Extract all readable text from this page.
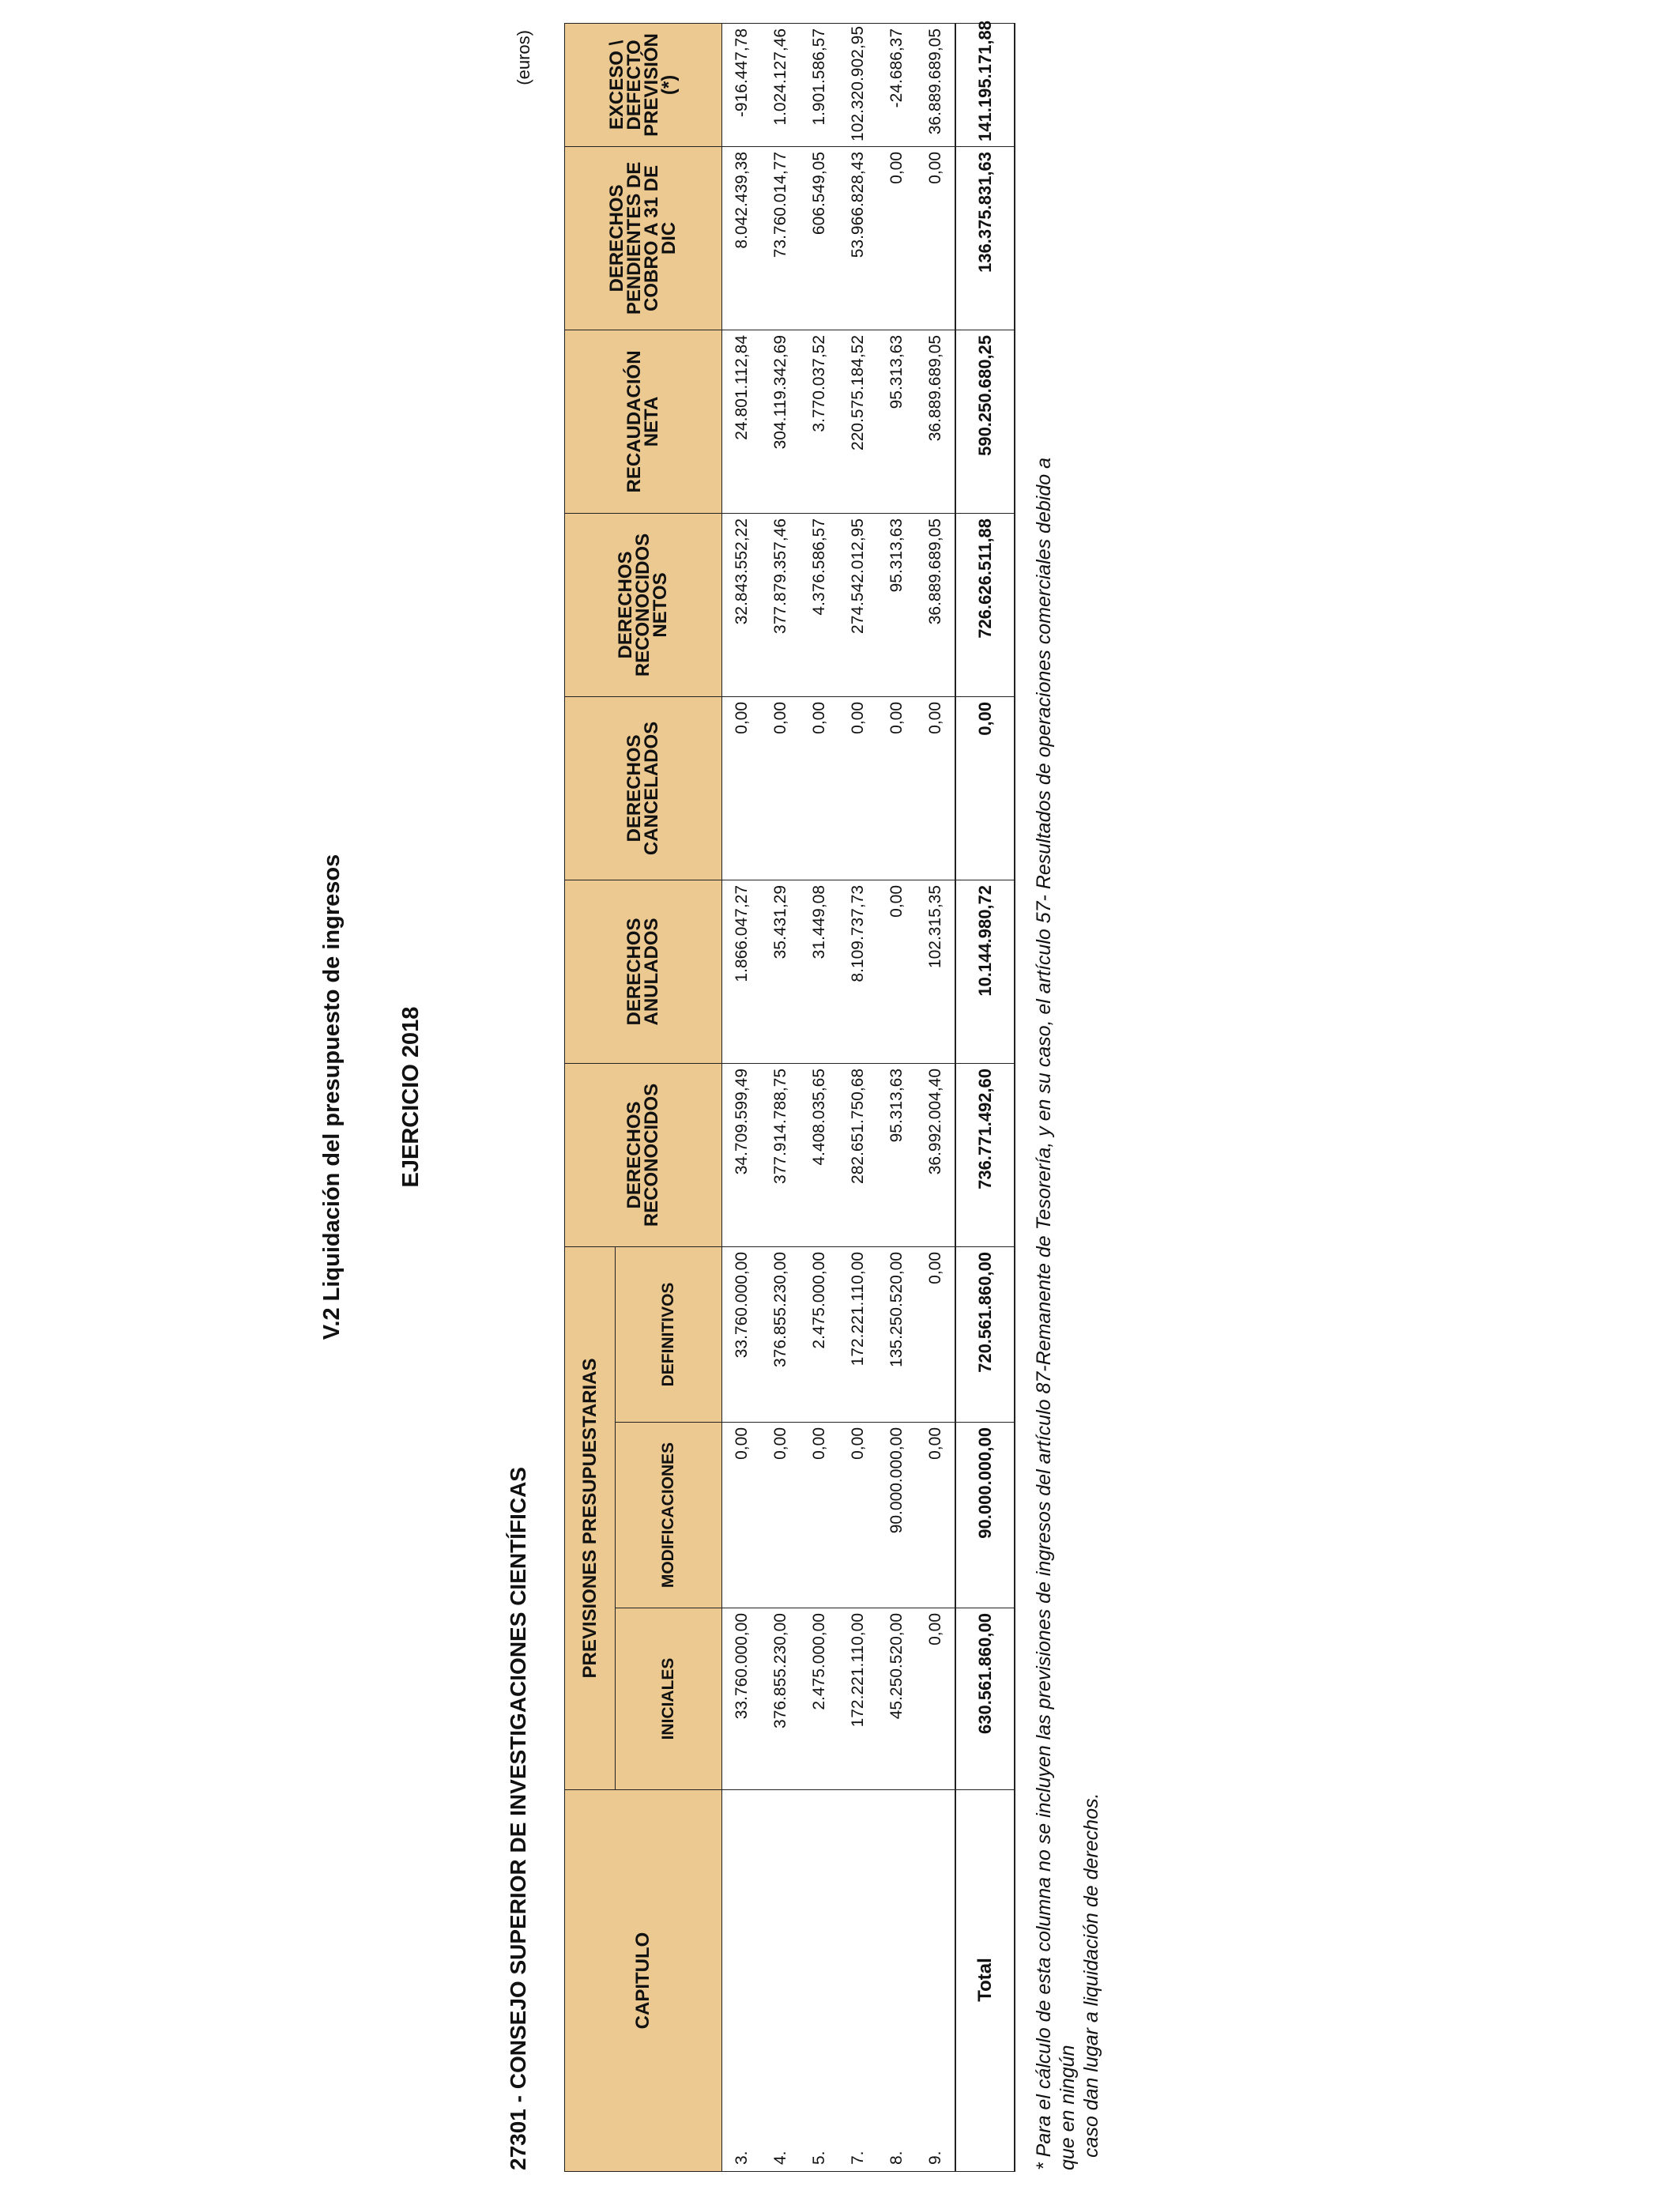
V.2 Liquidación del presupuesto de ingresos EJERCICIO 2018
27301 - CONSEJO SUPERIOR DE INVESTIGACIONES CIENTÍFICAS
(euros)
CAPITULO	PREVISIONES PRESUPUESTARIAS			DERECHOS RECONOCIDOS	DERECHOS ANULADOS	DERECHOS CANCELADOS	DERECHOS RECONOCIDOS NETOS	RECAUDACIÓN NETA	DERECHOS PENDIENTES DE COBRO A 31 DE DIC	EXCESO \ DEFECTO PREVISIÓN (*)
	INICIALES	MODIFICACIONES	DEFINITIVOS							
3.	33.760.000,00	0,00	33.760.000,00	34.709.599,49	1.866.047,27	0,00	32.843.552,22	24.801.112,84	8.042.439,38	-916.447,78
4.	376.855.230,00	0,00	376.855.230,00	377.914.788,75	35.431,29	0,00	377.879.357,46	304.119.342,69	73.760.014,77	1.024.127,46
5.	2.475.000,00	0,00	2.475.000,00	4.408.035,65	31.449,08	0,00	4.376.586,57	3.770.037,52	606.549,05	1.901.586,57
7.	172.221.110,00	0,00	172.221.110,00	282.651.750,68	8.109.737,73	0,00	274.542.012,95	220.575.184,52	53.966.828,43	102.320.902,95
8.	45.250.520,00	90.000.000,00	135.250.520,00	95.313,63	0,00	0,00	95.313,63	95.313,63	0,00	-24.686,37
9.	0,00	0,00	0,00	36.992.004,40	102.315,35	0,00	36.889.689,05	36.889.689,05	0,00	36.889.689,05
Total	630.561.860,00	90.000.000,00	720.561.860,00	736.771.492,60	10.144.980,72	0,00	726.626.511,88	590.250.680,25	136.375.831,63	141.195.171,88
* Para el cálculo de esta columna no se incluyen las previsiones de ingresos del artículo 87-Remanente de Tesorería, y en su caso, el artículo 57- Resultados de operaciones comerciales debido a que en ningún caso dan lugar a liquidación de derechos.
